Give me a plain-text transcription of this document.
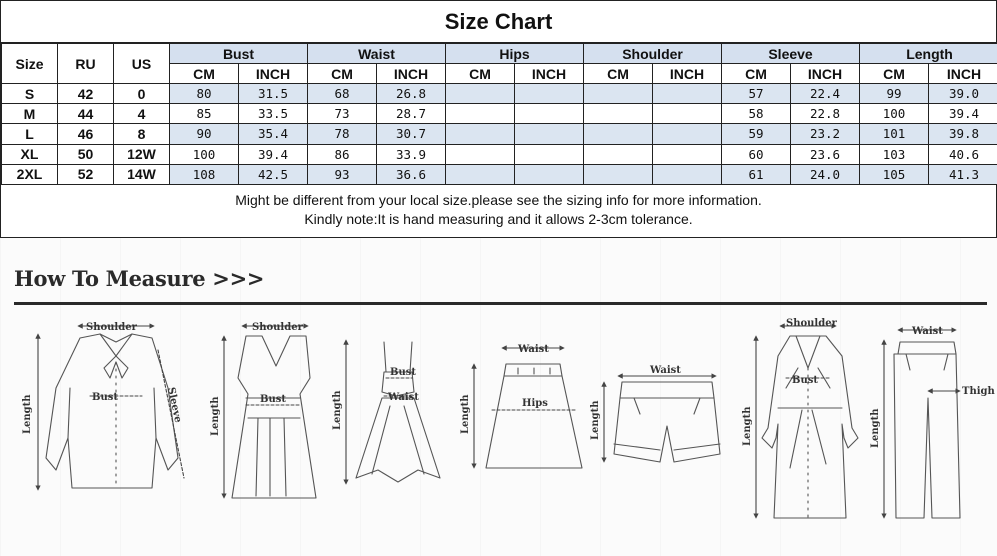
Size Chart
Size	RU	US	Bust		Waist		Hips		Shoulder		Sleeve		Length	
			CM	INCH	CM	INCH	CM	INCH	CM	INCH	CM	INCH	CM	INCH
S	42	0	80	31.5	68	26.8					57	22.4	99	39.0
M	44	4	85	33.5	73	28.7					58	22.8	100	39.4
L	46	8	90	35.4	78	30.7					59	23.2	101	39.8
XL	50	12W	100	39.4	86	33.9					60	23.6	103	40.6
2XL	52	14W	108	42.5	93	36.6					61	24.0	105	41.3
Might be different from your local size.please see the sizing info for more information.
Kindly note:It is hand measuring and it allows 2-3cm tolerance.
How To Measure >>>
Shoulder
Bust
Length	Sleeve
Shoulder
Bust
Length
Bust
Waist
Length
Waist
Hips
Length
Waist
Length
Shoulder
Bust
Length
Waist
Thigh
Length
